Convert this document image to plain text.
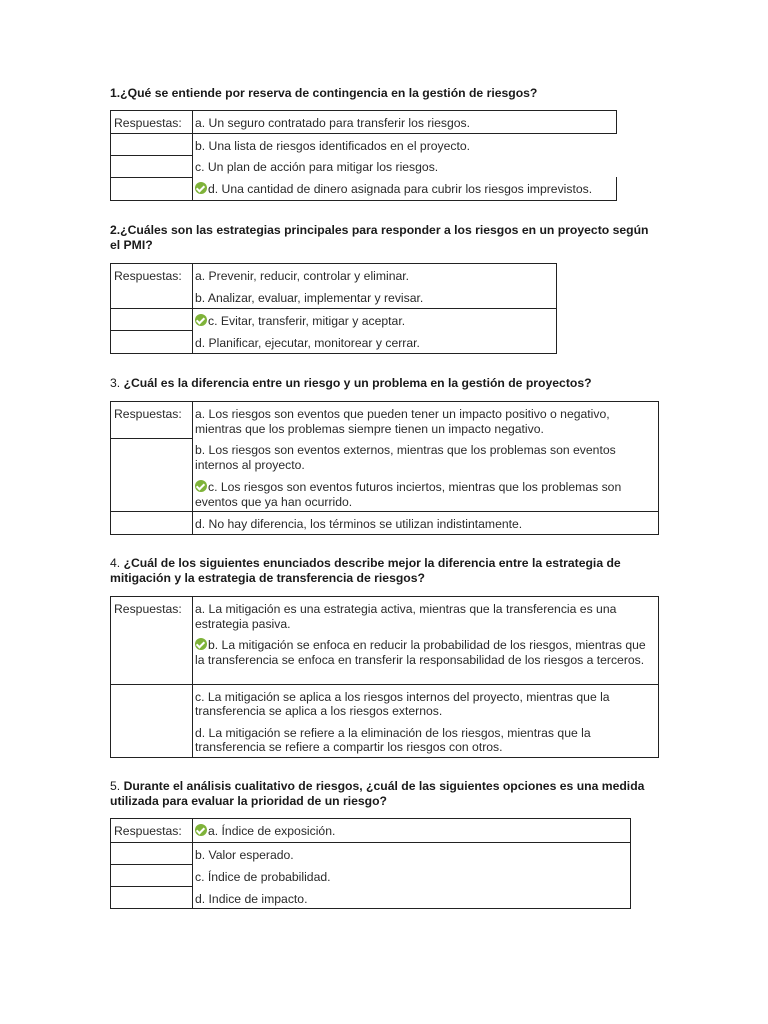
1.¿Qué se entiende por reserva de contingencia en la gestión de riesgos?
Respuestas:	a. Un seguro contratado para transferir los riesgos.
	b. Una lista de riesgos identificados en el proyecto.
	c. Un plan de acción para mitigar los riesgos.
	d. Una cantidad de dinero asignada para cubrir los riesgos imprevistos.
2.¿Cuáles son las estrategias principales para responder a los riesgos en un proyecto según el PMI?
Respuestas:	a. Prevenir, reducir, controlar y eliminar.
	b. Analizar, evaluar, implementar y revisar.
	c. Evitar, transferir, mitigar y aceptar.
	d. Planificar, ejecutar, monitorear y cerrar.
3. ¿Cuál es la diferencia entre un riesgo y un problema en la gestión de proyectos?
Respuestas:	a. Los riesgos son eventos que pueden tener un impacto positivo o negativo, mientras que los problemas siempre tienen un impacto negativo.
	b. Los riesgos son eventos externos, mientras que los problemas son eventos internos al proyecto.
	c. Los riesgos son eventos futuros inciertos, mientras que los problemas son eventos que ya han ocurrido.
	d. No hay diferencia, los términos se utilizan indistintamente.
4. ¿Cuál de los siguientes enunciados describe mejor la diferencia entre la estrategia de mitigación y la estrategia de transferencia de riesgos?
Respuestas:	a. La mitigación es una estrategia activa, mientras que la transferencia es una estrategia pasiva.
	b. La mitigación se enfoca en reducir la probabilidad de los riesgos, mientras que la transferencia se enfoca en transferir la responsabilidad de los riesgos a terceros.
	c. La mitigación se aplica a los riesgos internos del proyecto, mientras que la transferencia se aplica a los riesgos externos.
	d. La mitigación se refiere a la eliminación de los riesgos, mientras que la transferencia se refiere a compartir los riesgos con otros.
5. Durante el análisis cualitativo de riesgos, ¿cuál de las siguientes opciones es una medida utilizada para evaluar la prioridad de un riesgo?
Respuestas:	a. Índice de exposición.
	b. Valor esperado.
	c. Índice de probabilidad.
	d. Indice de impacto.
